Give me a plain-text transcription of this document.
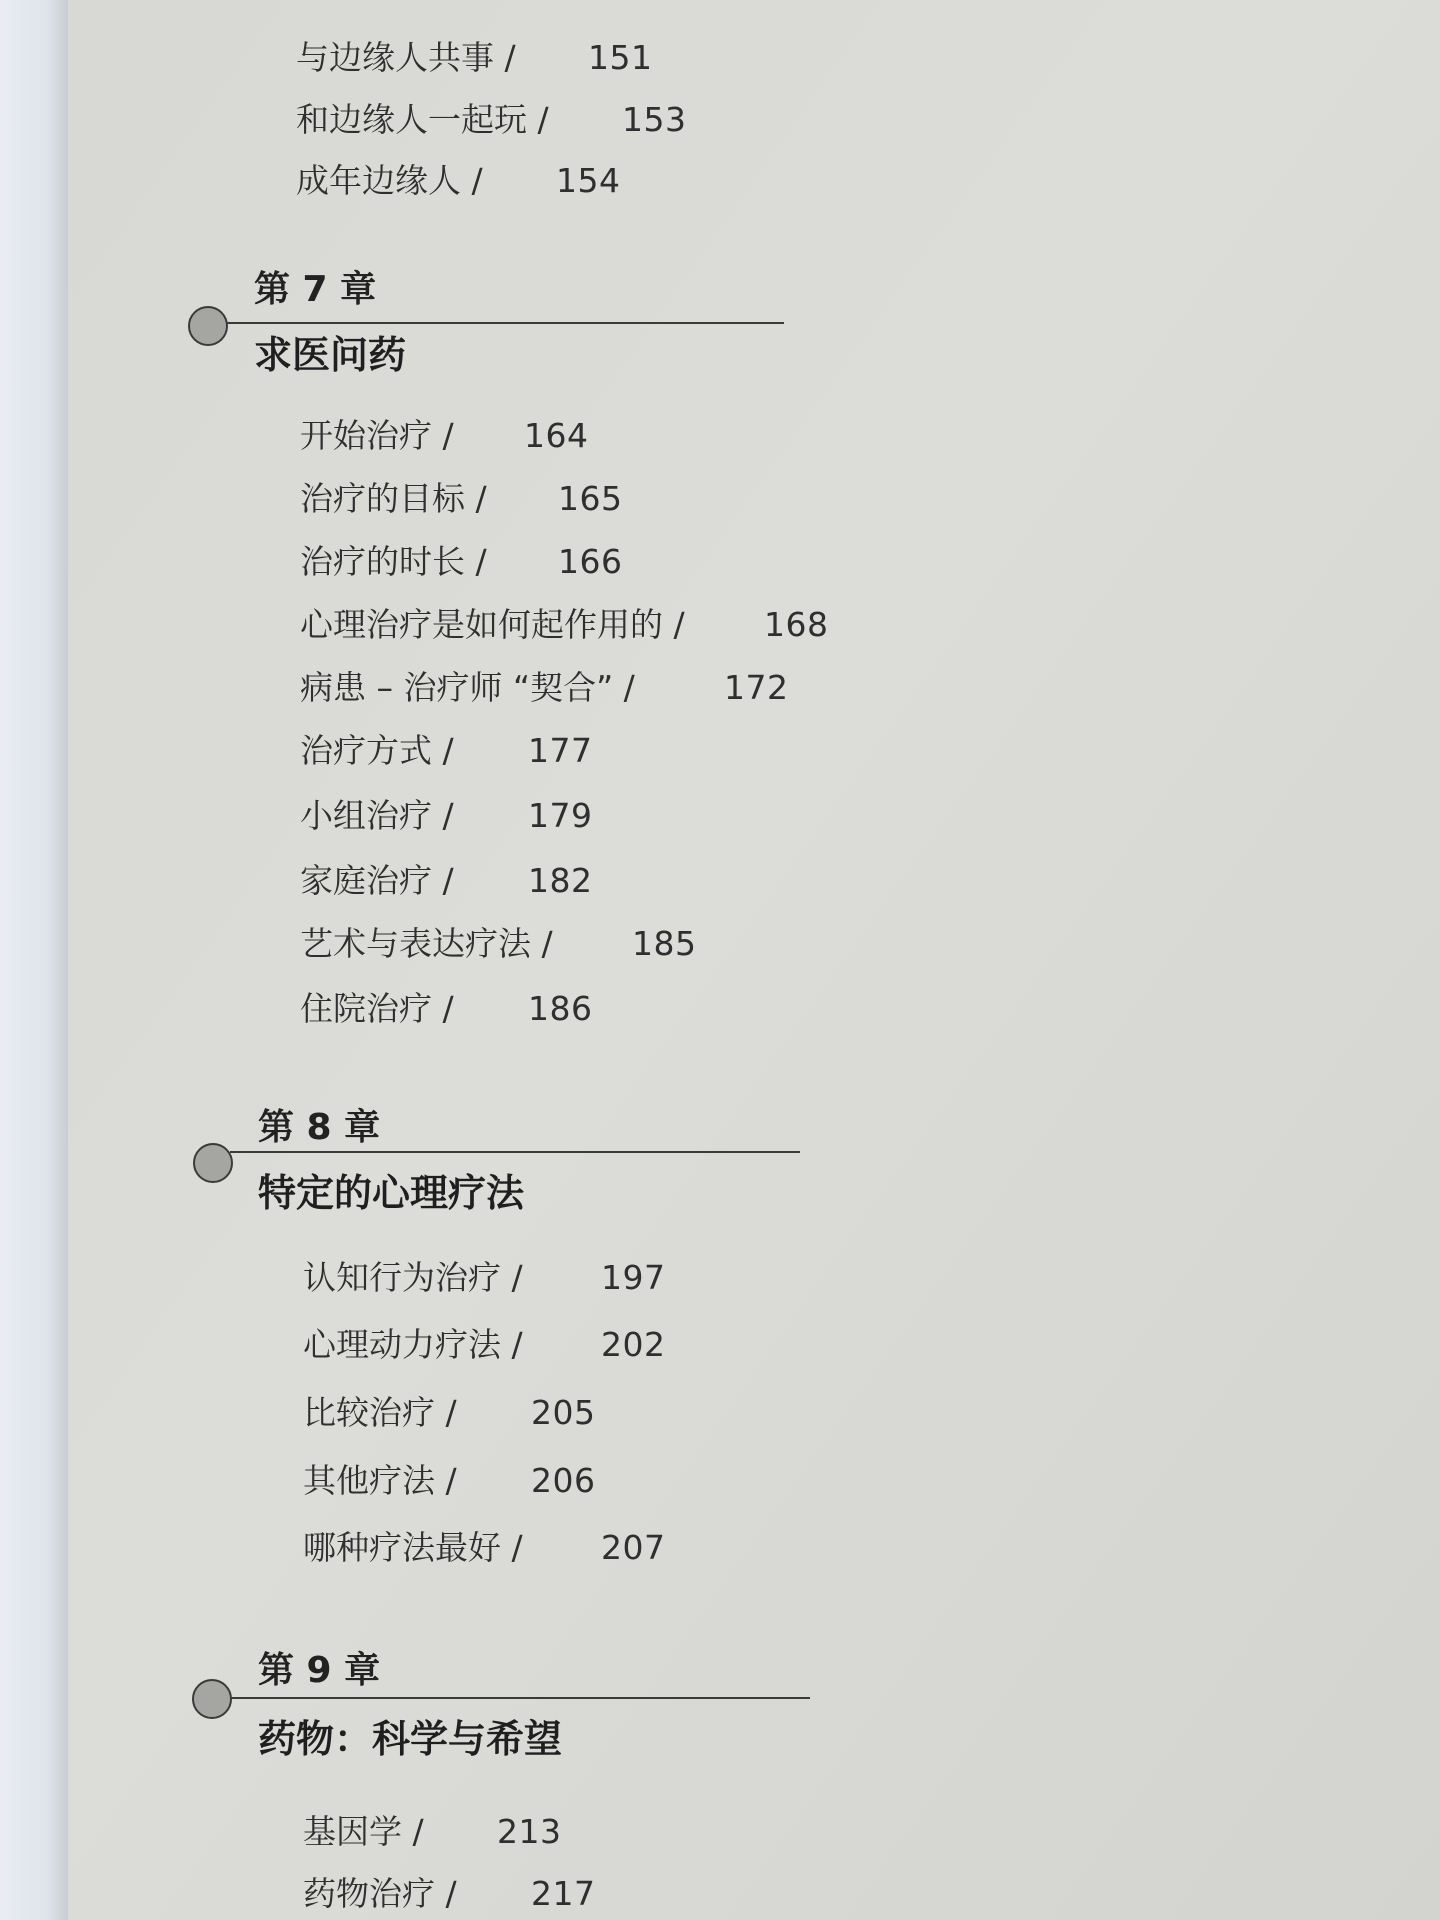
与边缘人共事 / 151
和边缘人一起玩 / 153
成年边缘人 / 154
第 7 章
求医问药
开始治疗 / 164
治疗的目标 / 165
治疗的时长 / 166
心理治疗是如何起作用的 / 168
病患 – 治疗师 “契合” /	172
治疗方式 / 177
小组治疗 / 179
家庭治疗 / 182
艺术与表达疗法 / 185
住院治疗 / 186
第 8 章
特定的心理疗法
认知行为治疗 / 197
心理动力疗法 / 202
比较治疗 / 205
其他疗法 / 206
哪种疗法最好 / 207
第 9 章
药物：科学与希望
基因学 / 213
药物治疗 / 217
